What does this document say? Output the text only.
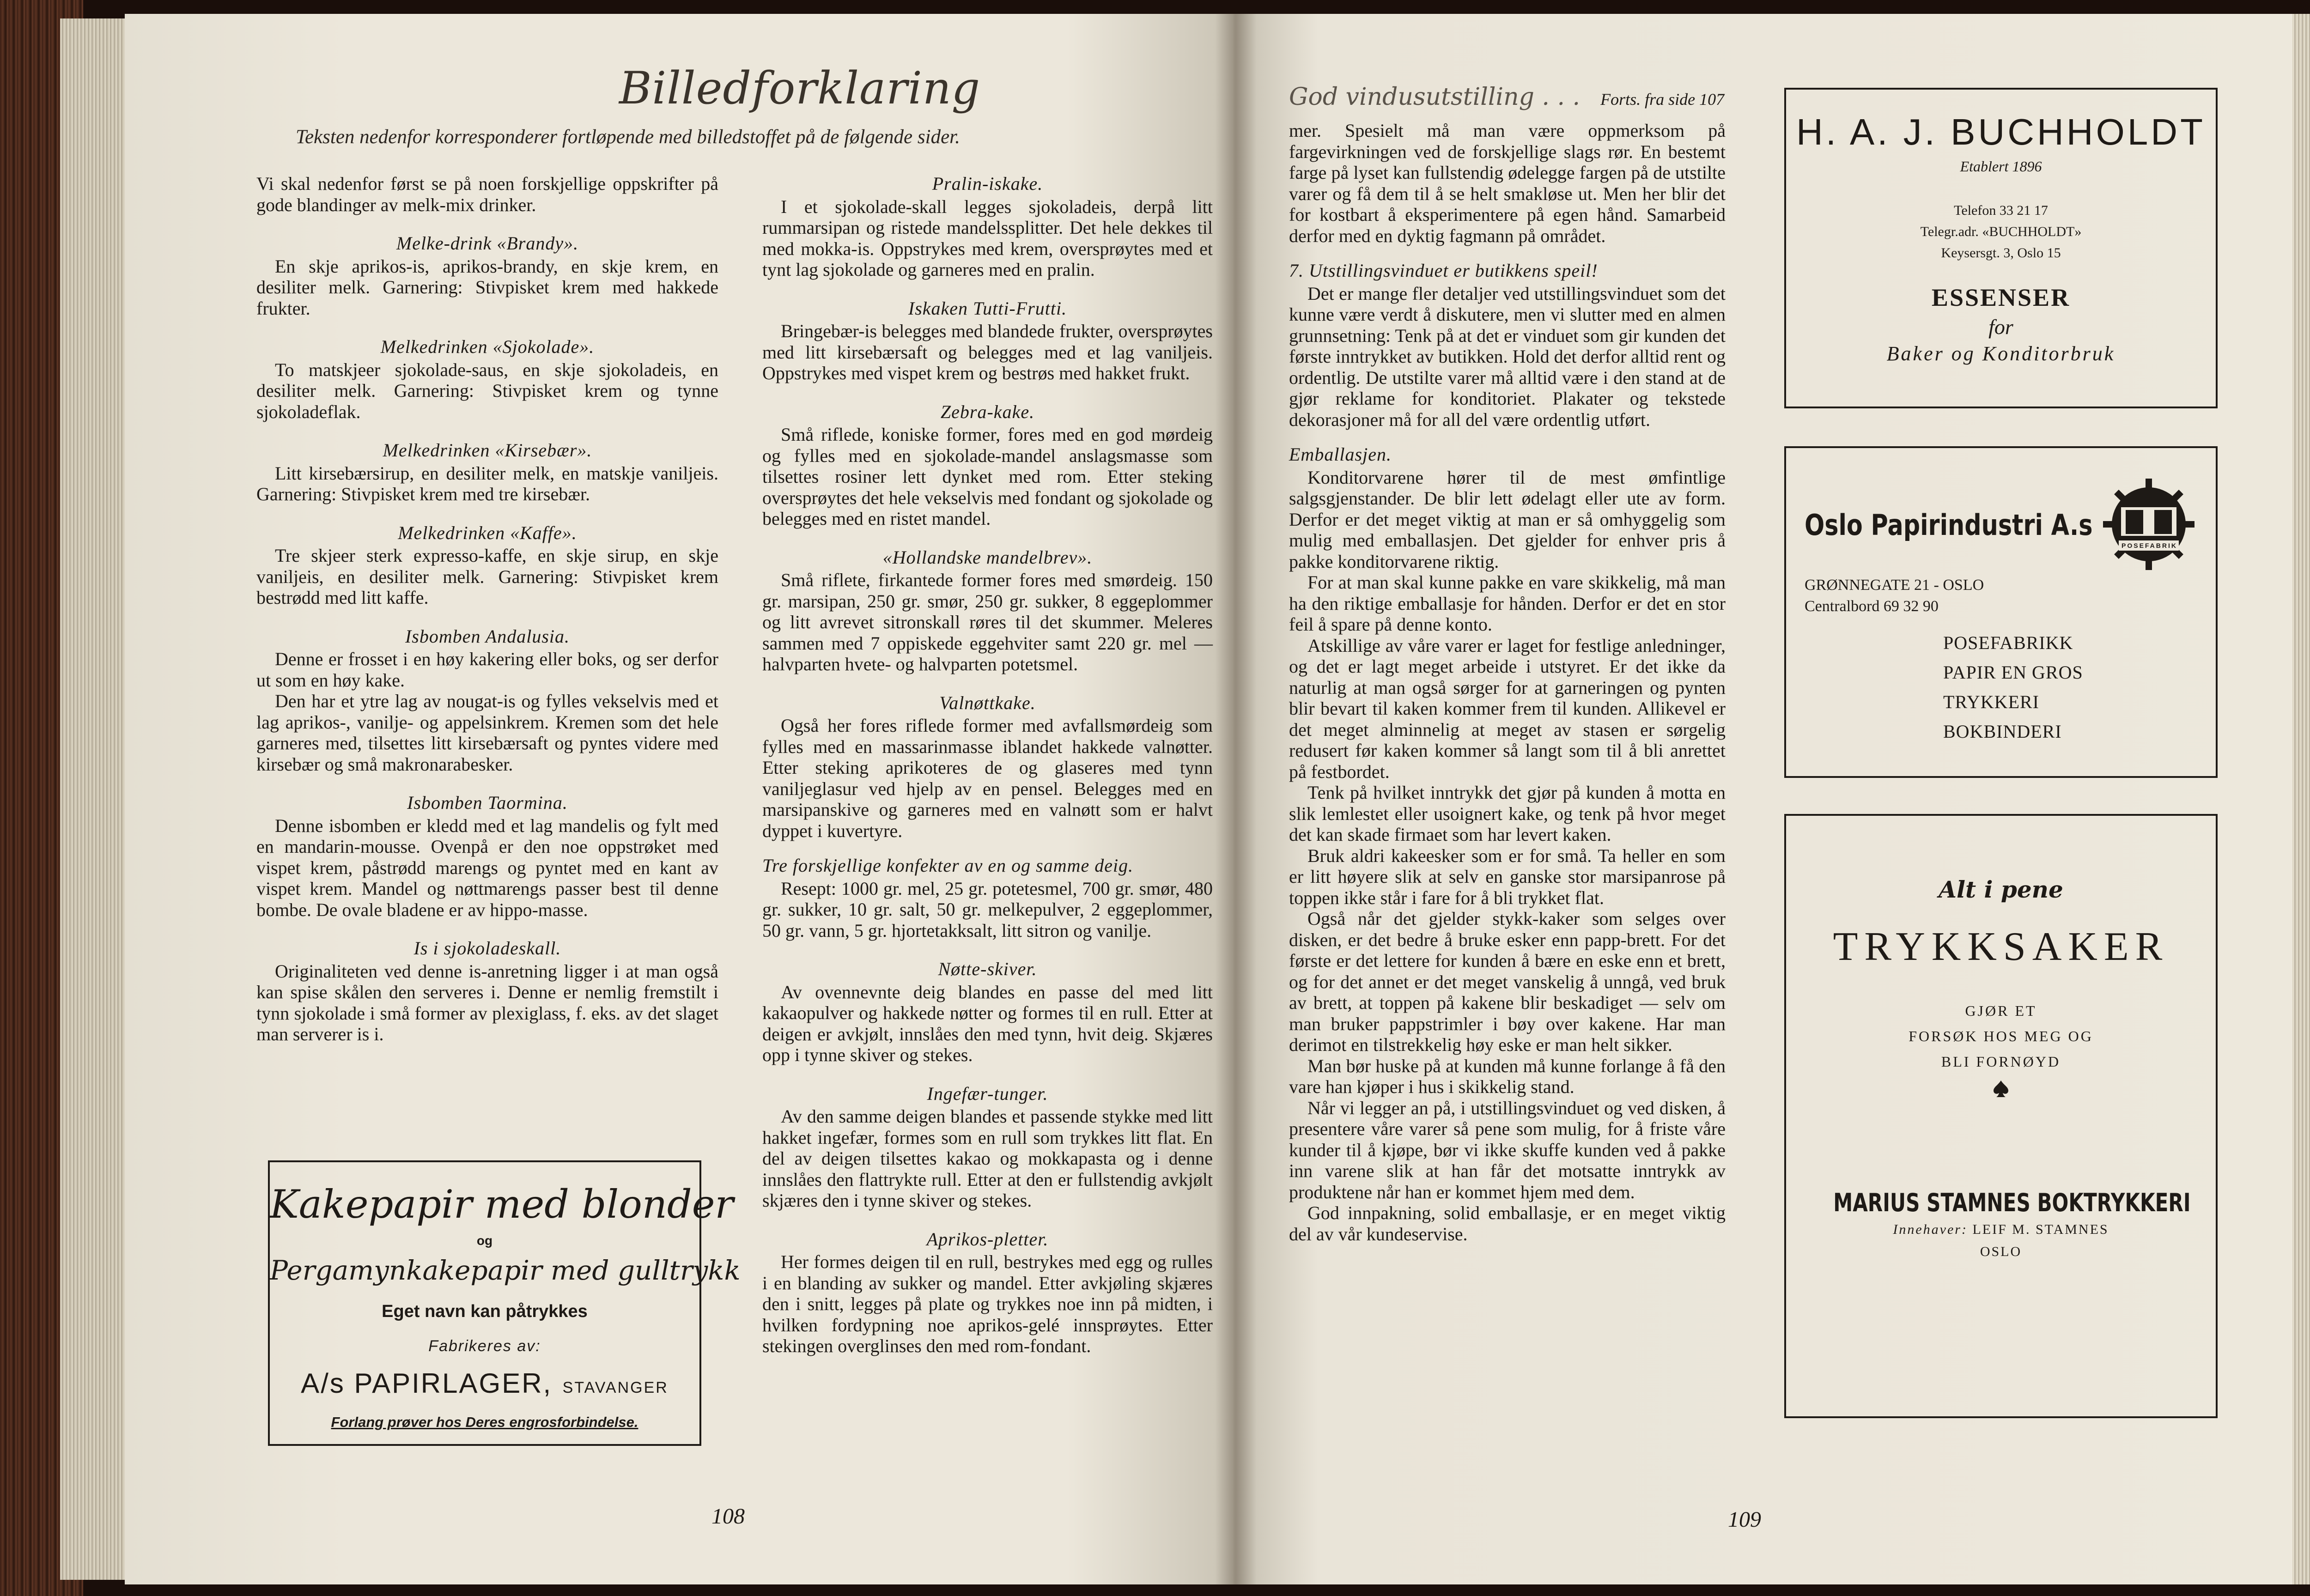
Billedforklaring
Teksten nedenfor korresponderer fortløpende med billedstoffet på de følgende sider.

Vi skal nedenfor først se på noen forskjellige oppskrifter på gode blandinger av melk-mix drinker.

Melke-drink «Brandy».

En skje aprikos-is, aprikos-brandy, en skje krem, en desiliter melk. Garnering: Stivpisket krem med hakkede frukter.

Melkedrinken «Sjokolade».

To matskjeer sjokolade-saus, en skje sjokoladeis, en desiliter melk. Garnering: Stivpisket krem og tynne sjokoladeflak.

Melkedrinken «Kirsebær».

Litt kirsebærsirup, en desiliter melk, en matskje vaniljeis. Garnering: Stivpisket krem med tre kirsebær.

Melkedrinken «Kaffe».

Tre skjeer sterk expresso-kaffe, en skje sirup, en skje vaniljeis, en desiliter melk. Garnering: Stivpisket krem bestrødd med litt kaffe.

Isbomben Andalusia.

Denne er frosset i en høy kakering eller boks, og ser derfor ut som en høy kake.

Den har et ytre lag av nougat-is og fylles vekselvis med et lag aprikos-, vanilje- og appelsinkrem. Kremen som det hele garneres med, tilsettes litt kirsebærsaft og pyntes videre med kirsebær og små makronarabesker.

Isbomben Taormina.

Denne isbomben er kledd med et lag mandelis og fylt med en mandarin-mousse. Ovenpå er den noe oppstrøket med vispet krem, påstrødd marengs og pyntet med en kant av vispet krem. Mandel og nøttmarengs passer best til denne bombe. De ovale bladene er av hippo-masse.

Is i sjokoladeskall.

Originaliteten ved denne is-anretning ligger i at man også kan spise skålen den serveres i. Denne er nemlig fremstilt i tynn sjokolade i små former av plexiglass, f. eks. av det slaget man serverer is i.

Pralin-iskake.

I et sjokolade-skall legges sjokoladeis, derpå litt rummarsipan og ristede mandelssplitter. Det hele dekkes til med mokka-is. Oppstrykes med krem, oversprøytes med et tynt lag sjokolade og garneres med en pralin.

Iskaken Tutti-Frutti.

Bringebær-is belegges med blandede frukter, oversprøytes med litt kirsebærsaft og belegges med et lag vaniljeis. Oppstrykes med vispet krem og bestrøs med hakket frukt.

Zebra-kake.

Små riflede, koniske former, fores med en god mørdeig og fylles med en sjokolade-mandel anslagsmasse som tilsettes rosiner lett dynket med rom. Etter steking oversprøytes det hele vekselvis med fondant og sjokolade og belegges med en ristet mandel.

«Hollandske mandelbrev».

Små riflete, firkantede former fores med smørdeig. 150 gr. marsipan, 250 gr. smør, 250 gr. sukker, 8 eggeplommer og litt avrevet sitronskall røres til det skummer. Meleres sammen med 7 oppiskede eggehviter samt 220 gr. mel — halvparten hvete- og halvparten potetsmel.

Valnøttkake.

Også her fores riflede former med avfallsmørdeig som fylles med en massarinmasse iblandet hakkede valnøtter. Etter steking aprikoteres de og glaseres med tynn vaniljeglasur ved hjelp av en pensel. Belegges med en marsipanskive og garneres med en valnøtt som er halvt dyppet i kuvertyre.

Tre forskjellige konfekter av en og samme deig.

Resept: 1000 gr. mel, 25 gr. potetesmel, 700 gr. smør, 480 gr. sukker, 10 gr. salt, 50 gr. melkepulver, 2 eggeplommer, 50 gr. vann, 5 gr. hjortetakksalt, litt sitron og vanilje.

Nøtte-skiver.

Av ovennevnte deig blandes en passe del med litt kakaopulver og hakkede nøtter og formes til en rull. Etter at deigen er avkjølt, innslåes den med tynn, hvit deig. Skjæres opp i tynne skiver og stekes.

Ingefær-tunger.

Av den samme deigen blandes et passende stykke med litt hakket ingefær, formes som en rull som trykkes litt flat. En del av deigen tilsettes kakao og mokkapasta og i denne innslåes den flattrykte rull. Etter at den er fullstendig avkjølt skjæres den i tynne skiver og stekes.

Aprikos-pletter.

Her formes deigen til en rull, bestrykes med egg og rulles i en blanding av sukker og mandel. Etter avkjøling skjæres den i snitt, legges på plate og trykkes noe inn på midten, i hvilken fordypning noe aprikos-gelé innsprøytes. Etter stekingen overglinses den med rom-fondant.

Kakepapir med blonder
og
Pergamynkakepapir med gulltrykk
Eget navn kan påtrykkes
Fabrikeres av:
A/s PAPIRLAGER, STAVANGER
Forlang prøver hos Deres engrosforbindelse.
108
God vindusutstilling . . . Forts. fra side 107

mer. Spesielt må man være oppmerksom på fargevirkningen ved de forskjellige slags rør. En bestemt farge på lyset kan fullstendig ødelegge fargen på de utstilte varer og få dem til å se helt smakløse ut. Men her blir det for kostbart å eksperimentere på egen hånd. Samarbeid derfor med en dyktig fagmann på området.

7. Utstillingsvinduet er butikkens speil!

Det er mange fler detaljer ved utstillingsvinduet som det kunne være verdt å diskutere, men vi slutter med en almen grunnsetning: Tenk på at det er vinduet som gir kunden det første inntrykket av butikken. Hold det derfor alltid rent og ordentlig. De utstilte varer må alltid være i den stand at de gjør reklame for konditoriet. Plakater og tekstede dekorasjoner må for all del være ordentlig utført.

Emballasjen.

Konditorvarene hører til de mest ømfintlige salgsgjenstander. De blir lett ødelagt eller ute av form. Derfor er det meget viktig at man er så omhyggelig som mulig med emballasjen. Det gjelder for enhver pris å pakke konditorvarene riktig.

For at man skal kunne pakke en vare skikkelig, må man ha den riktige emballasje for hånden. Derfor er det en stor feil å spare på denne konto.

Atskillige av våre varer er laget for festlige anledninger, og det er lagt meget arbeide i utstyret. Er det ikke da naturlig at man også sørger for at garneringen og pynten blir bevart til kaken kommer frem til kunden. Allikevel er det meget alminnelig at meget av stasen er sørgelig redusert før kaken kommer så langt som til å bli anrettet på festbordet.

Tenk på hvilket inntrykk det gjør på kunden å motta en slik lemlestet eller usoignert kake, og tenk på hvor meget det kan skade firmaet som har levert kaken.

Bruk aldri kakeesker som er for små. Ta heller en som er litt høyere slik at selv en ganske stor marsipanrose på toppen ikke står i fare for å bli trykket flat.

Også når det gjelder stykk-kaker som selges over disken, er det bedre å bruke esker enn papp-brett. For det første er det lettere for kunden å bære en eske enn et brett, og for det annet er det meget vanskelig å unngå, ved bruk av brett, at toppen på kakene blir beskadiget — selv om man bruker pappstrimler i bøy over kakene. Har man derimot en tilstrekkelig høy eske er man helt sikker.

Man bør huske på at kunden må kunne forlange å få den vare han kjøper i hus i skikkelig stand.

Når vi legger an på, i utstillingsvinduet og ved disken, å presentere våre varer så pene som mulig, for å friste våre kunder til å kjøpe, bør vi ikke skuffe kunden ved å pakke inn varene slik at han får det motsatte inntrykk av produktene når han er kommet hjem med dem.

God innpakning, solid emballasje, er en meget viktig del av vår kundeservise.

H. A. J. BUCHHOLDT
Etablert 1896
Telefon 33 21 17
Telegr.adr. «BUCHHOLDT»
Keysersgt. 3, Oslo 15
ESSENSER
for
Baker og Konditorbruk
Oslo Papirindustri A.s
POSEFABRIK
GRØNNEGATE 21 - OSLO
Centralbord 69 32 90
POSEFABRIKK
PAPIR EN GROS
TRYKKERI
BOKBINDERI
Alt i pene
TRYKKSAKER
GJØR ET
FORSØK HOS MEG OG
BLI FORNØYD
MARIUS STAMNES BOKTRYKKERI
Innehaver: LEIF M. STAMNES
OSLO
109
